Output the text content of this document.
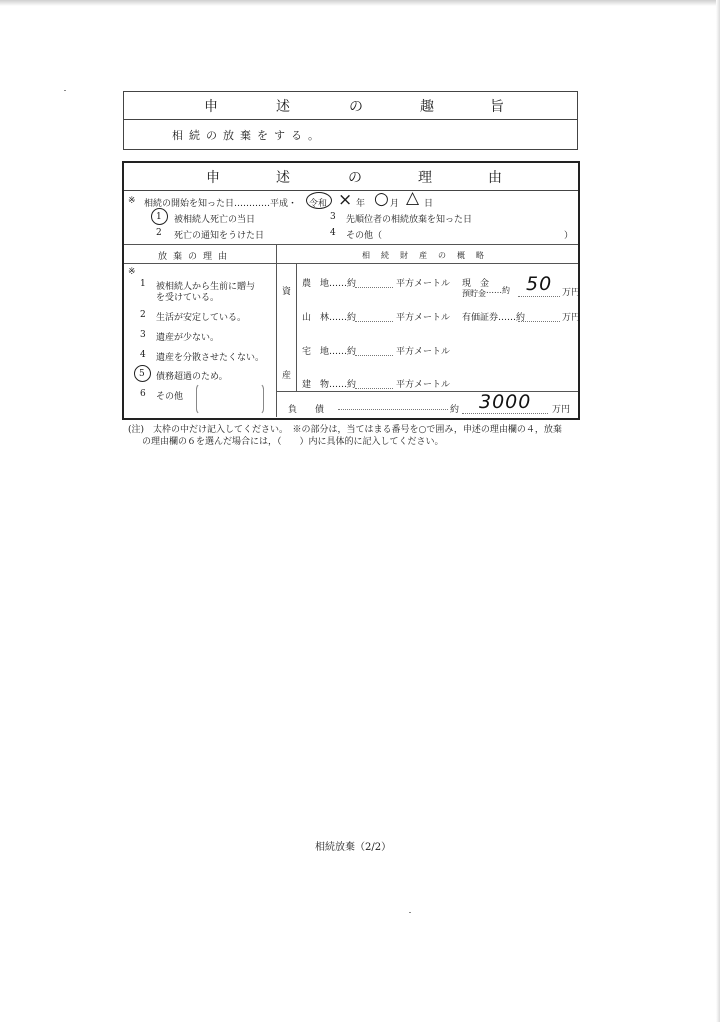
申	述	の	趣	旨
相続の放棄をする。
申	述	の	理	由
※ 相続の開始を知った日…………平成・ 令和 × 年 ○ 月 △ 日
1 被相続人死亡の当日
2 死亡の通知をうけた日
3 先順位者の相続放棄を知った日
4 その他（	）
放棄の理由	相続財産の概略
※
1 被相続人から生前に贈与
を受けている。
2 生活が安定している。
3 遺産が少ない。
4 遺産を分散させたくない。
5 債務超過のため。
6 その他
資
産
農　地……約	平方メートル 現　金
預貯金 ……約 50 万円
山　林……約	平方メートル 有価証券……約	万円
宅　地……約	平方メートル
建　物……約	平方メートル
負　　債	約 3000 万円
(注)　太枠の中だけ記入してください。　※の部分は，当てはまる番号を○で囲み，申述の理由欄の４，放棄
の理由欄の６を選んだ場合には，（　　）内に具体的に記入してください。
相続放棄（2/2）
